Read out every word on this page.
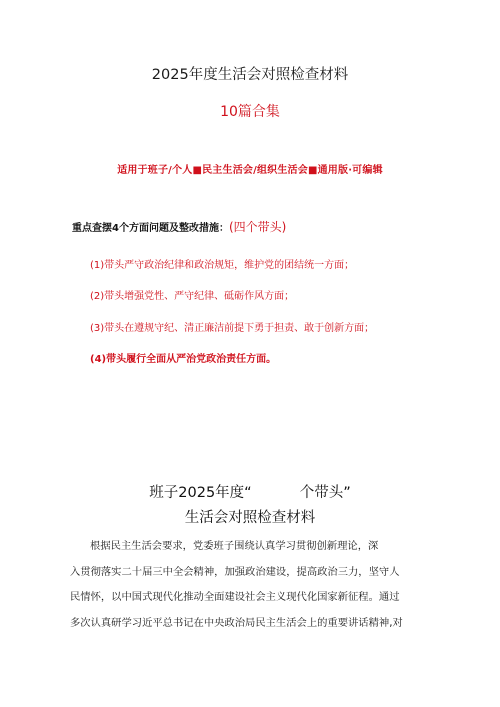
2025年度生活会对照检查材料
10篇合集
适用于班子/个人■民主生活会/组织生活会■通用版·可编辑
重点查摆4个方面问题及整改措施：(四个带头)
(1)带头严守政治纪律和政治规矩，维护党的团结统一方面；
(2)带头增强党性、严守纪律、砥砺作风方面；
(3)带头在遵规守纪、清正廉洁前提下勇于担责、敢于创新方面；
(4)带头履行全面从严治党政治责任方面。
班子2025年度“	个带头”
生活会对照检查材料
根据民主生活会要求，党委班子围绕认真学习贯彻创新理论，深
入贯彻落实二十届三中全会精神，加强政治建设，提高政治三力，坚守人
民情怀，以中国式现代化推动全面建设社会主义现代化国家新征程。通过
多次认真研学习近平总书记在中央政治局民主生活会上的重要讲话精神,对
